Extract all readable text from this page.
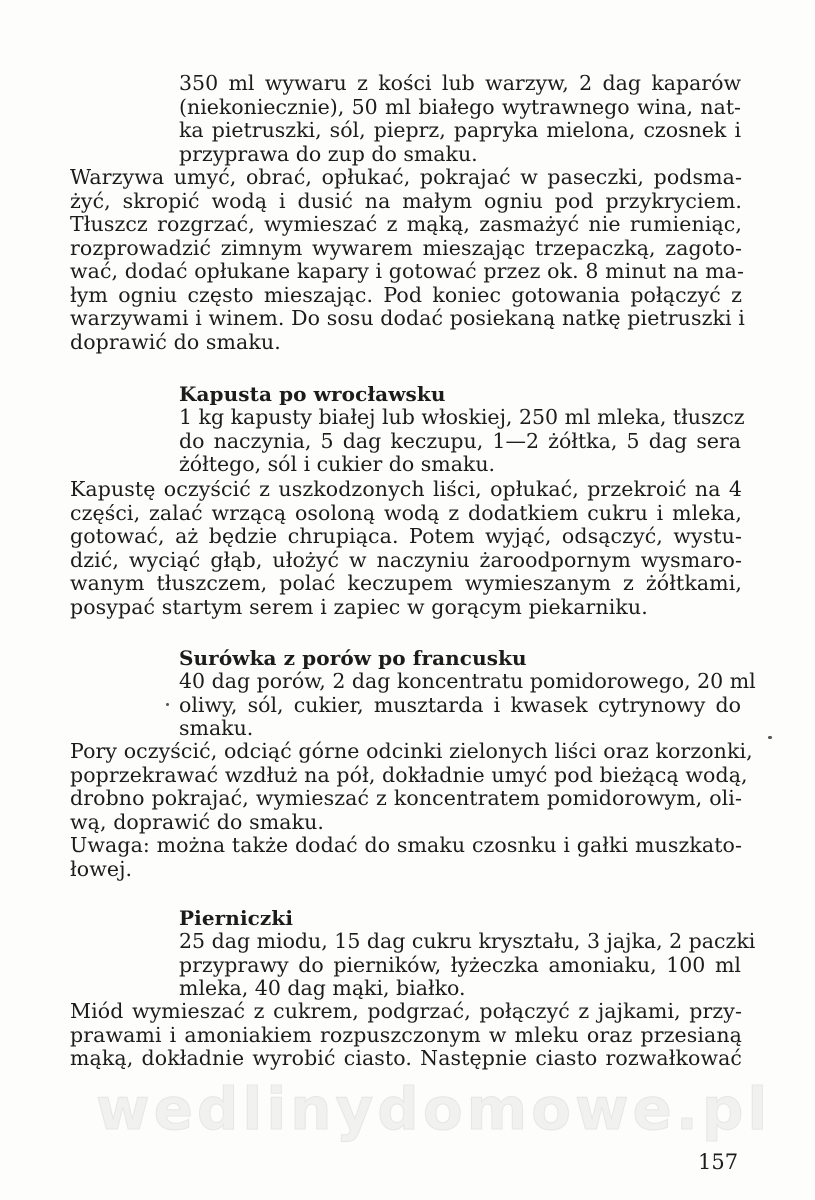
wedlinydomowe.pl
350 ml wywaru z kości lub warzyw, 2 dag kaparów
(niekoniecznie), 50 ml białego wytrawnego wina, nat-
ka pietruszki, sól, pieprz, papryka mielona, czosnek i
przyprawa do zup do smaku.
Warzywa umyć, obrać, opłukać, pokrajać w paseczki, podsma-
żyć, skropić wodą i dusić na małym ogniu pod przykryciem.
Tłuszcz rozgrzać, wymieszać z mąką, zasmażyć nie rumieniąc,
rozprowadzić zimnym wywarem mieszając trzepaczką, zagoto-
wać, dodać opłukane kapary i gotować przez ok. 8 minut na ma-
łym ogniu często mieszając. Pod koniec gotowania połączyć z
warzywami i winem. Do sosu dodać posiekaną natkę pietruszki i
doprawić do smaku.
Kapusta po wrocławsku
1 kg kapusty białej lub włoskiej, 250 ml mleka, tłuszcz
do naczynia, 5 dag keczupu, 1—2 żółtka, 5 dag sera
żółtego, sól i cukier do smaku.
Kapustę oczyścić z uszkodzonych liści, opłukać, przekroić na 4
części, zalać wrzącą osoloną wodą z dodatkiem cukru i mleka,
gotować, aż będzie chrupiąca. Potem wyjąć, odsączyć, wystu-
dzić, wyciąć głąb, ułożyć w naczyniu żaroodpornym wysmaro-
wanym tłuszczem, polać keczupem wymieszanym z żółtkami,
posypać startym serem i zapiec w gorącym piekarniku.
Surówka z porów po francusku
40 dag porów, 2 dag koncentratu pomidorowego, 20 ml
oliwy, sól, cukier, musztarda i kwasek cytrynowy do
smaku.
Pory oczyścić, odciąć górne odcinki zielonych liści oraz korzonki,
poprzekrawać wzdłuż na pół, dokładnie umyć pod bieżącą wodą,
drobno pokrajać, wymieszać z koncentratem pomidorowym, oli-
wą, doprawić do smaku.
Uwaga: można także dodać do smaku czosnku i gałki muszkato-
łowej.
Pierniczki
25 dag miodu, 15 dag cukru kryształu, 3 jajka, 2 paczki
przyprawy do pierników, łyżeczka amoniaku, 100 ml
mleka, 40 dag mąki, białko.
Miód wymieszać z cukrem, podgrzać, połączyć z jajkami, przy-
prawami i amoniakiem rozpuszczonym w mleku oraz przesianą
mąką, dokładnie wyrobić ciasto. Następnie ciasto rozwałkować
157
